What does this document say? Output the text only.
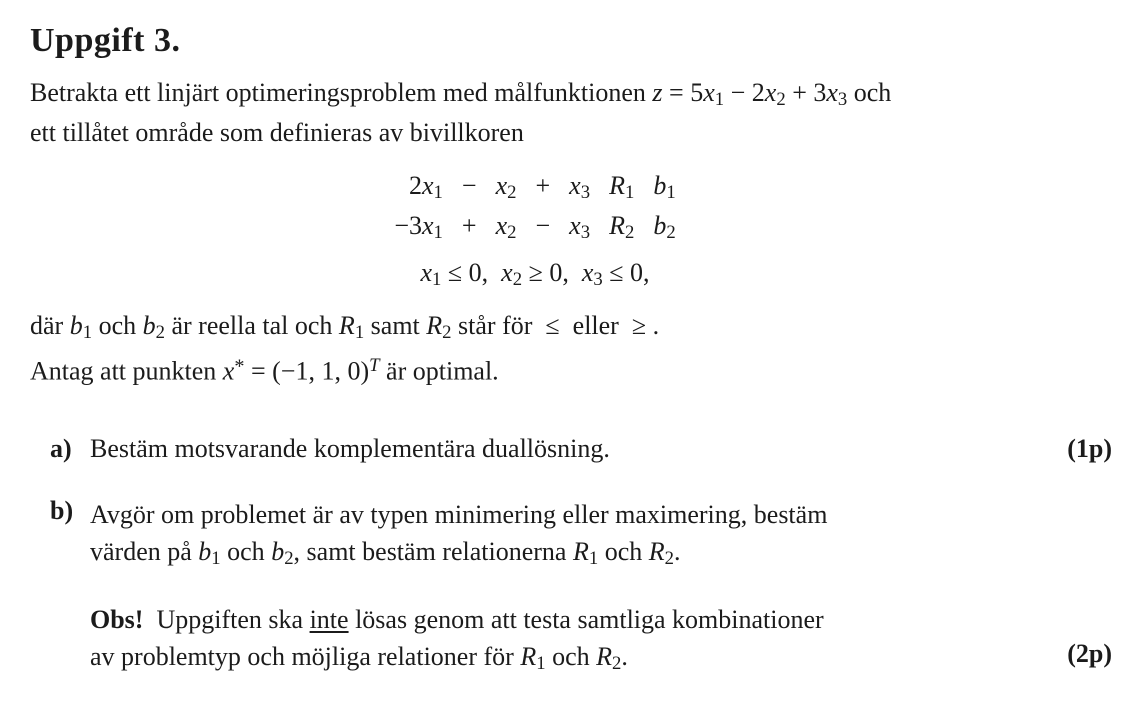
Uppgift 3.
Betrakta ett linjärt optimeringsproblem med målfunktionen z = 5x1 − 2x2 + 3x3 och
ett tillåtet område som definieras av bivillkoren
2x1 − x2 + x3 R1 b1
−3x1 + x2 − x3 R2 b2
x1 ≤ 0,  x2 ≥ 0,  x3 ≤ 0,
där b1 och b2 är reella tal och R1 samt R2 står för  ≤  eller  ≥ .
Antag att punkten x* = (−1, 1, 0)$^T$ är optimal.
a) Bestäm motsvarande komplementära duallösning.	(1p)
b) Avgör om problemet är av typen minimering eller maximering, bestäm
värden på b1 och b2, samt bestäm relationerna R1 och R2.
Obs!  Uppgiften ska inte lösas genom att testa samtliga kombinationer
av problemtyp och möjliga relationer för R1 och R2.	(2p)
